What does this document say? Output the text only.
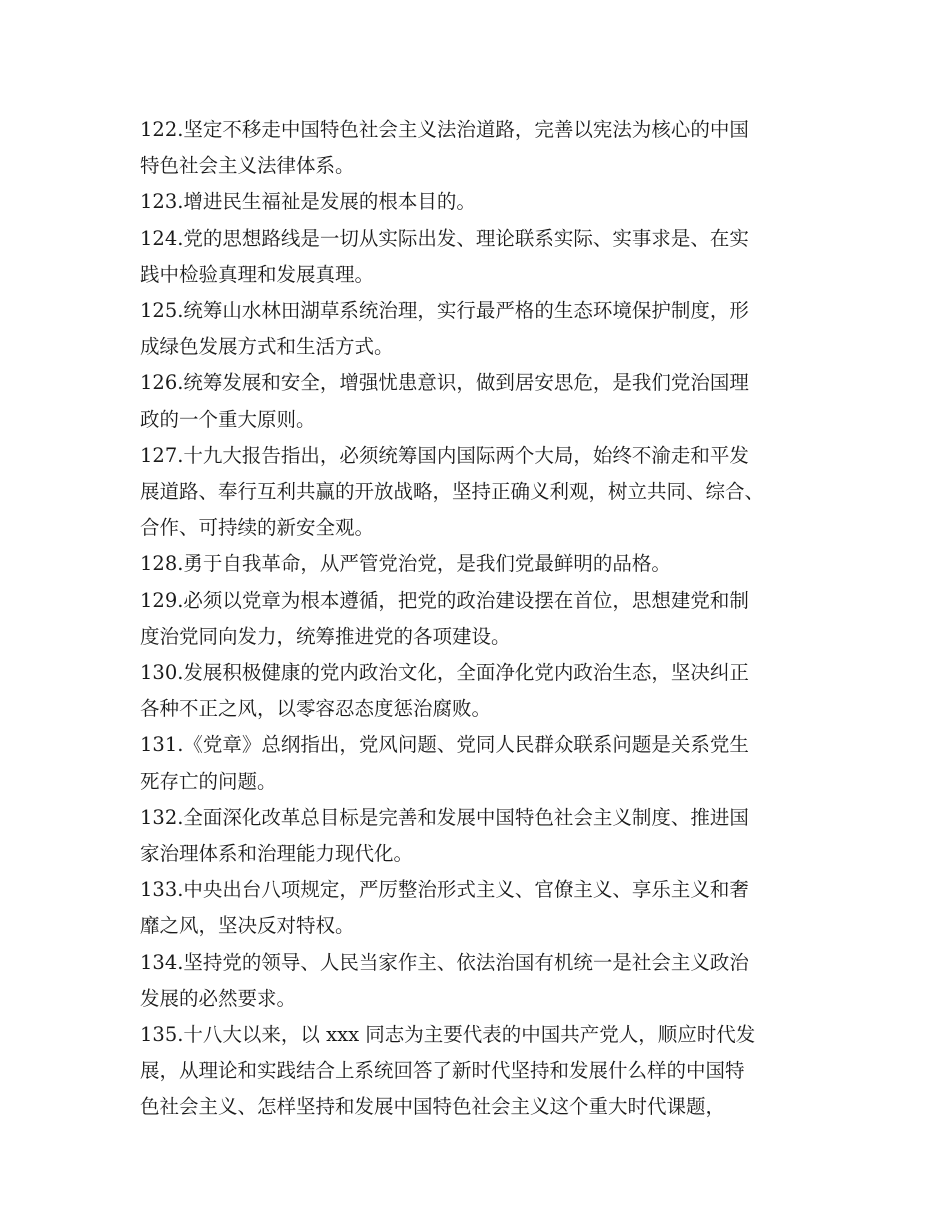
122.坚定不移走中国特色社会主义法治道路，完善以宪法为核心的中国

特色社会主义法律体系。

123.增进民生福祉是发展的根本目的。

124.党的思想路线是一切从实际出发、理论联系实际、实事求是、在实

践中检验真理和发展真理。

125.统筹山水林田湖草系统治理，实行最严格的生态环境保护制度，形

成绿色发展方式和生活方式。

126.统筹发展和安全，增强忧患意识，做到居安思危，是我们党治国理

政的一个重大原则。

127.十九大报告指出，必须统筹国内国际两个大局，始终不渝走和平发

展道路、奉行互利共赢的开放战略，坚持正确义利观，树立共同、综合、

合作、可持续的新安全观。

128.勇于自我革命，从严管党治党，是我们党最鲜明的品格。

129.必须以党章为根本遵循，把党的政治建设摆在首位，思想建党和制

度治党同向发力，统筹推进党的各项建设。

130.发展积极健康的党内政治文化，全面净化党内政治生态，坚决纠正

各种不正之风，以零容忍态度惩治腐败。

131.《党章》总纲指出，党风问题、党同人民群众联系问题是关系党生

死存亡的问题。

132.全面深化改革总目标是完善和发展中国特色社会主义制度、推进国

家治理体系和治理能力现代化。

133.中央出台八项规定，严厉整治形式主义、官僚主义、享乐主义和奢

靡之风，坚决反对特权。

134.坚持党的领导、人民当家作主、依法治国有机统一是社会主义政治

发展的必然要求。

135.十八大以来，以 xxx 同志为主要代表的中国共产党人，顺应时代发

展，从理论和实践结合上系统回答了新时代坚持和发展什么样的中国特

色社会主义、怎样坚持和发展中国特色社会主义这个重大时代课题，
